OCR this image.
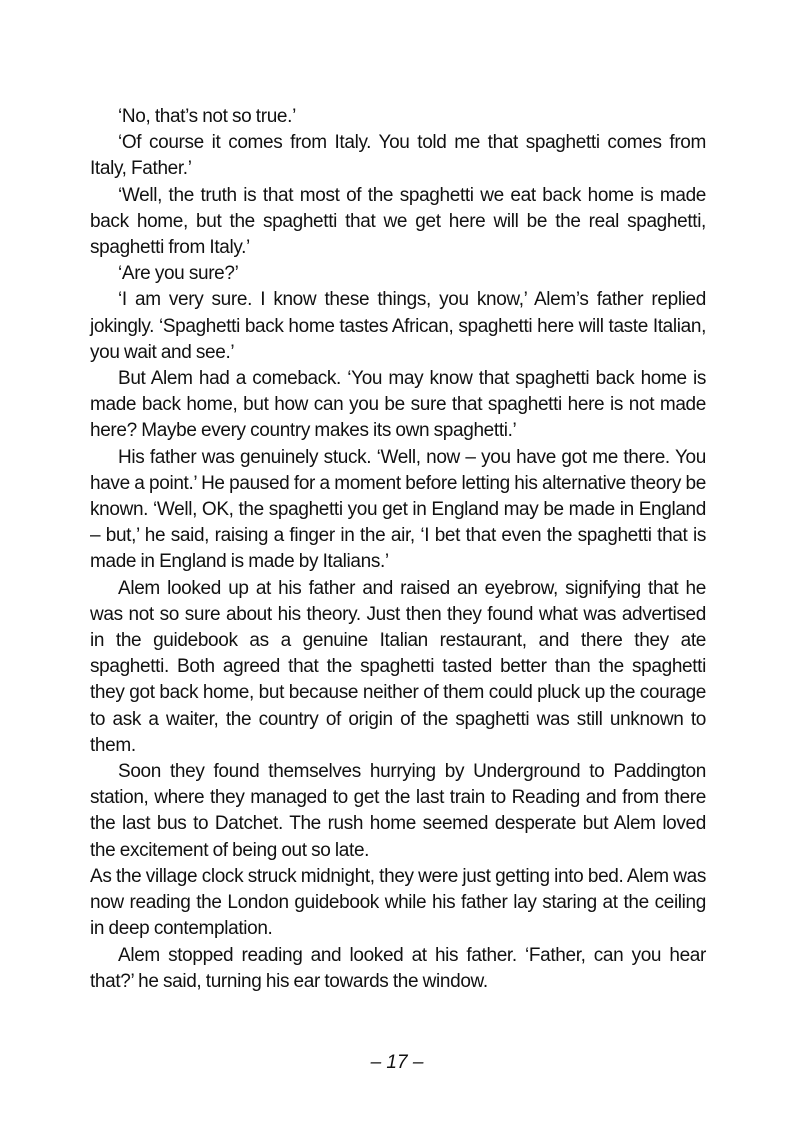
‘No, that’s not so true.’

‘Of course it comes from Italy. You told me that spaghetti comes from Italy, Father.’

‘Well, the truth is that most of the spaghetti we eat back home is made back home, but the spaghetti that we get here will be the real spaghetti, spaghetti from Italy.’

‘Are you sure?’

‘I am very sure. I know these things, you know,’ Alem’s father replied jokingly. ‘Spaghetti back home tastes African, spaghetti here will taste Italian, you wait and see.’

But Alem had a comeback. ‘You may know that spaghetti back home is made back home, but how can you be sure that spaghetti here is not made here? Maybe every country makes its own spaghetti.’

His father was genuinely stuck. ‘Well, now – you have got me there. You have a point.’ He paused for a moment before letting his alternative theory be known. ‘Well, OK, the spaghetti you get in England may be made in England – but,’ he said, raising a finger in the air, ‘I bet that even the spaghetti that is made in England is made by Italians.’

Alem looked up at his father and raised an eyebrow, signifying that he was not so sure about his theory. Just then they found what was advertised in the guidebook as a genuine Italian restaurant, and there they ate spaghetti. Both agreed that the spaghetti tasted better than the spaghetti they got back home, but because neither of them could pluck up the courage to ask a waiter, the country of origin of the spaghetti was still unknown to them.

Soon they found themselves hurrying by Underground to Paddington station, where they managed to get the last train to Reading and from there the last bus to Datchet. The rush home seemed desperate but Alem loved the excitement of being out so late.

As the village clock struck midnight, they were just getting into bed. Alem was now reading the London guidebook while his father lay staring at the ceiling in deep contemplation.

Alem stopped reading and looked at his father. ‘Father, can you hear that?’ he said, turning his ear towards the window.

– 17 –
